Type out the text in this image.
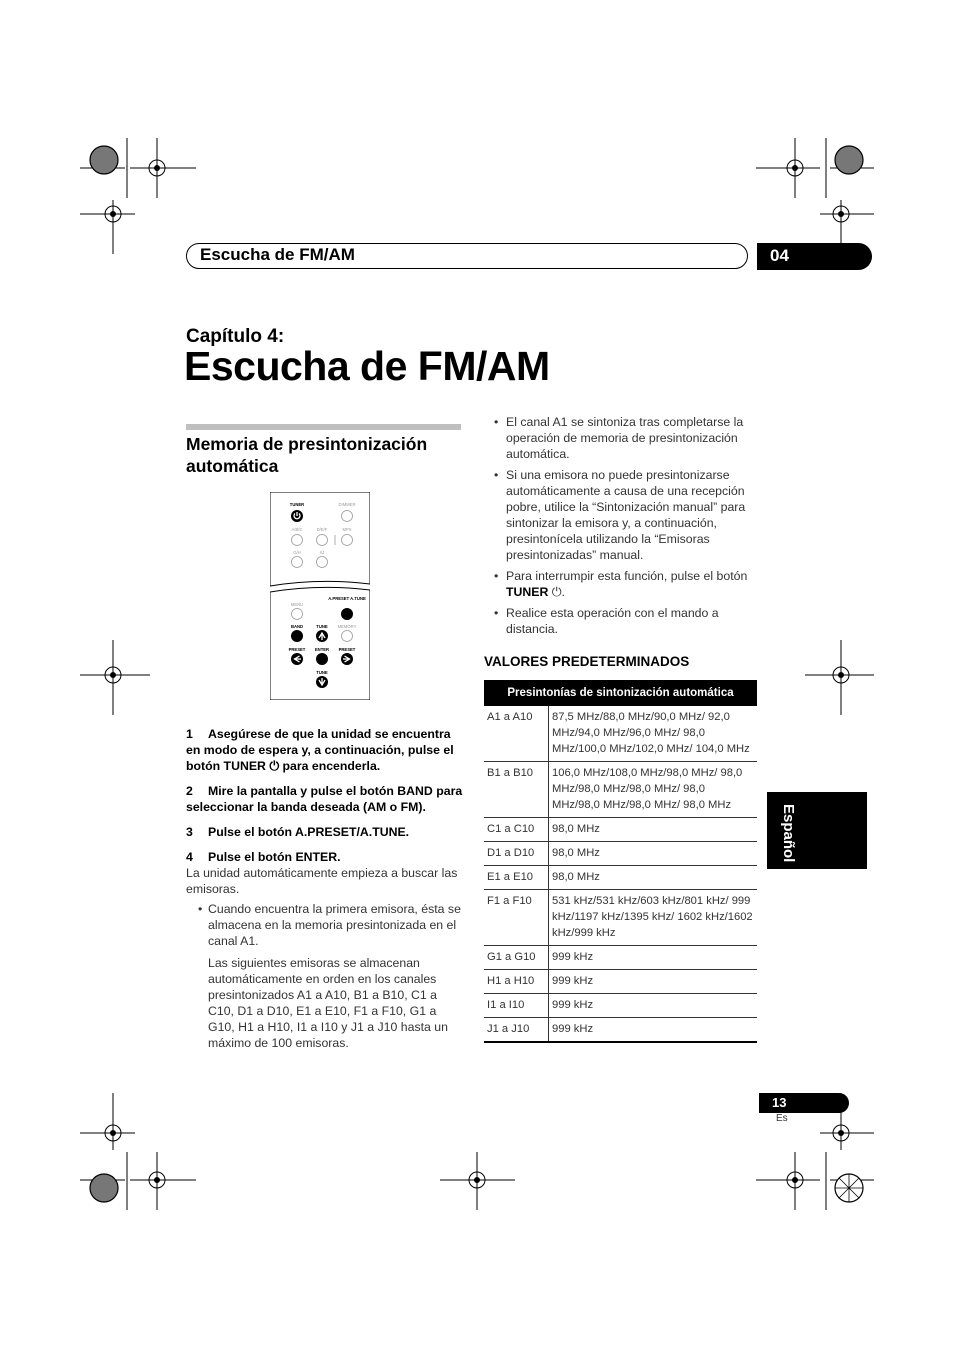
Escucha de FM/AM	04
Capítulo 4:
Escucha de FM/AM
Memoria de presintonización automática
TUNER	DIMMER
A/B/C	D/E/F	MPX
G/H	I/J
MENU
A.PRESET A.TUNE
BAND	TUNE MEMORY
PRESET ENTER PRESET
TUNE
1 Asegúrese de que la unidad se encuentra en modo de espera y, a continuación, pulse el botón TUNER ⏻ para encenderla.
2 Mire la pantalla y pulse el botón BAND para seleccionar la banda deseada (AM o FM).
3 Pulse el botón A.PRESET/A.TUNE.
4 Pulse el botón ENTER.
La unidad automáticamente empieza a buscar las emisoras.
• Cuando encuentra la primera emisora, ésta se almacena en la memoria presintonizada en el canal A1.
Las siguientes emisoras se almacenan automáticamente en orden en los canales presintonizados A1 a A10, B1 a B10, C1 a C10, D1 a D10, E1 a E10, F1 a F10, G1 a G10, H1 a H10, I1 a I10 y J1 a J10 hasta un máximo de 100 emisoras.
• El canal A1 se sintoniza tras completarse la operación de memoria de presintonización automática.
• Si una emisora no puede presintonizarse automáticamente a causa de una recepción pobre, utilice la “Sintonización manual” para sintonizar la emisora y, a continuación, presintonícela utilizando la “Emisoras presintonizadas” manual.
• Para interrumpir esta función, pulse el botón TUNER ⏻.
• Realice esta operación con el mando a distancia.
VALORES PREDETERMINADOS
Presintonías de sintonización automática	
A1 a A10	87,5 MHz/88,0 MHz/90,0 MHz/ 92,0 MHz/94,0 MHz/96,0 MHz/ 98,0 MHz/100,0 MHz/102,0 MHz/ 104,0 MHz
B1 a B10	106,0 MHz/108,0 MHz/98,0 MHz/ 98,0 MHz/98,0 MHz/98,0 MHz/ 98,0 MHz/98,0 MHz/98,0 MHz/ 98,0 MHz
C1 a C10	98,0 MHz
D1 a D10	98,0 MHz
E1 a E10	98,0 MHz
F1 a F10	531 kHz/531 kHz/603 kHz/801 kHz/ 999 kHz/1197 kHz/1395 kHz/ 1602 kHz/1602 kHz/999 kHz
G1 a G10	999 kHz
H1 a H10	999 kHz
I1 a I10	999 kHz
J1 a J10	999 kHz
Español
13
Es
